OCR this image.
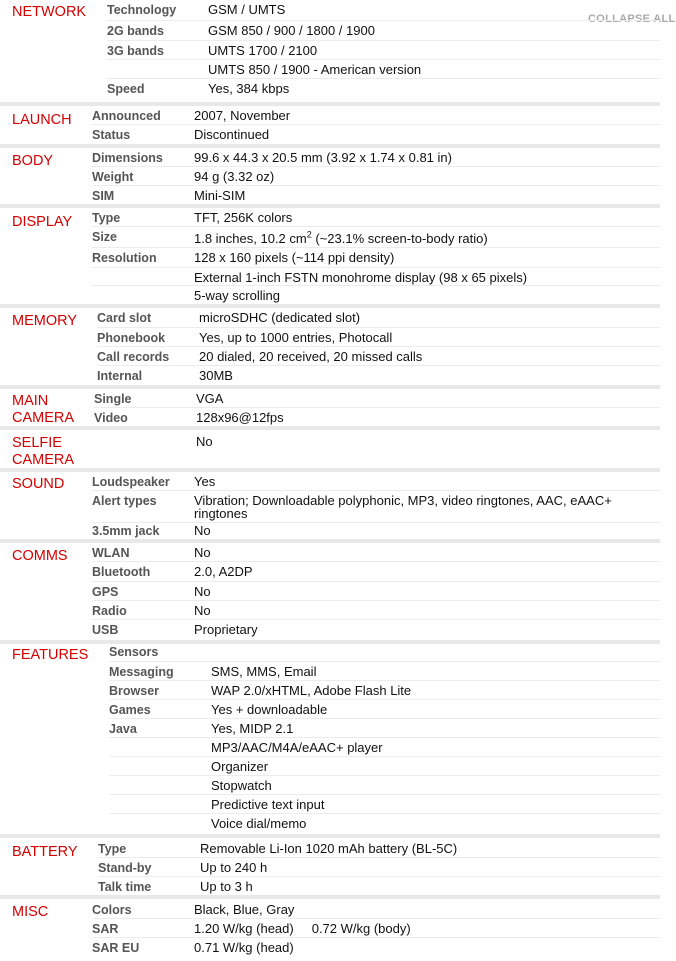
COLLAPSE ALL
NETWORK Technology	GSM / UMTS
2G bands	GSM 850 / 900 / 1800 / 1900
3G bands	UMTS 1700 / 2100
UMTS 850 / 1900 - American version
Speed	Yes, 384 kbps
LAUNCH Announced	2007, November
Status	Discontinued
BODY	Dimensions	99.6 x 44.3 x 20.5 mm (3.92 x 1.74 x 0.81 in)
Weight	94 g (3.32 oz)
SIM	Mini-SIM
DISPLAY Type	TFT, 256K colors
Size	1.8 inches, 10.2 $cm^2$ (~23.1% screen-to-body ratio)
Resolution	128 x 160 pixels (~114 ppi density)
External 1-inch FSTN monohrome display (98 x 65 pixels)
5-way scrolling
MEMORY Card slot	microSDHC (dedicated slot)
Phonebook	Yes, up to 1000 entries, Photocall
Call records	20 dialed, 20 received, 20 missed calls
Internal	30MB
MAIN
CAMERA
Single	VGA
Video	128x96@12fps
SELFIE
CAMERA
No
SOUND Loudspeaker	Yes
Alert types	Vibration; Downloadable polyphonic, MP3, video ringtones, AAC, eAAC+ ringtones
3.5mm jack	No
COMMS WLAN	No
Bluetooth	2.0, A2DP
GPS	No
Radio	No
USB	Proprietary
FEATURES Sensors
Messaging	SMS, MMS, Email
Browser	WAP 2.0/xHTML, Adobe Flash Lite
Games	Yes + downloadable
Java	Yes, MIDP 2.1
MP3/AAC/M4A/eAAC+ player
Organizer
Stopwatch
Predictive text input
Voice dial/memo
BATTERY Type	Removable Li-Ion 1020 mAh battery (BL-5C)
Stand-by	Up to 240 h
Talk time	Up to 3 h
MISC	Colors	Black, Blue, Gray
SAR	1.20 W/kg (head) 0.72 W/kg (body)
SAR EU	0.71 W/kg (head)
